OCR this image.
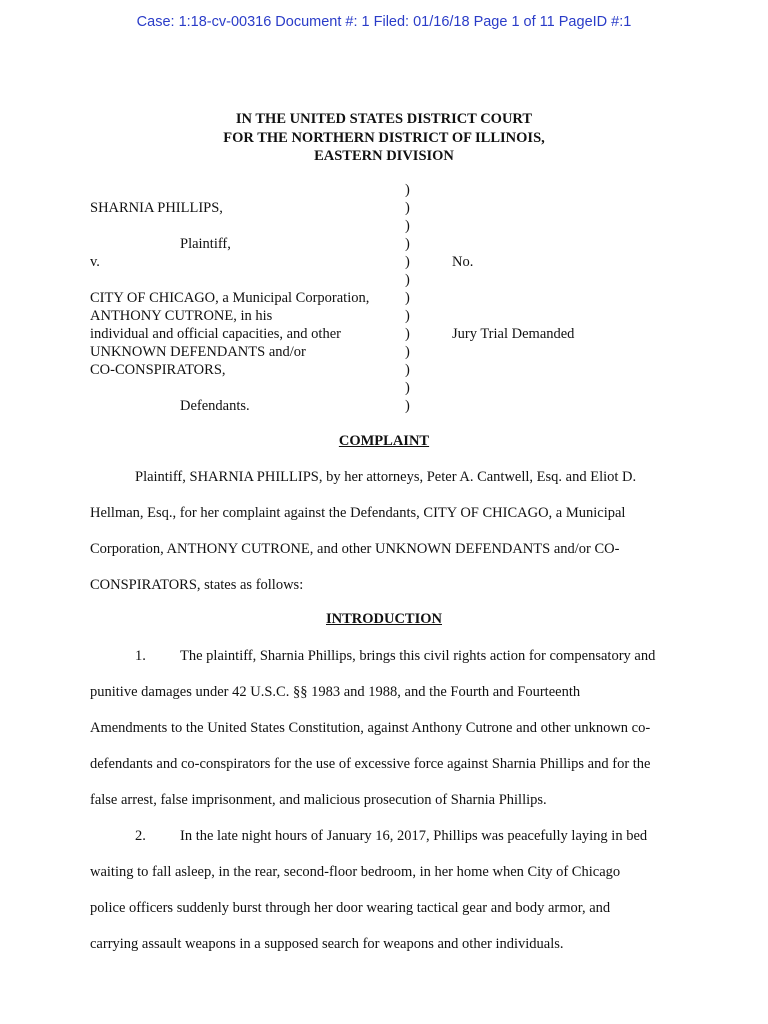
Case: 1:18-cv-00316 Document #: 1 Filed: 01/16/18 Page 1 of 11 PageID #:1
IN THE UNITED STATES DISTRICT COURT
FOR THE NORTHERN DISTRICT OF ILLINOIS,
EASTERN DIVISION
)
)
)
)
)
)
)
)
)
)
)
)
)
SHARNIA PHILLIPS,
Plaintiff,
v.	No.
CITY OF CHICAGO, a Municipal Corporation,
ANTHONY CUTRONE, in his
individual and official capacities, and other	Jury Trial Demanded
UNKNOWN DEFENDANTS and/or
CO-CONSPIRATORS,
Defendants.
COMPLAINT
Plaintiff, SHARNIA PHILLIPS, by her attorneys, Peter A. Cantwell, Esq. and Eliot D.
Hellman, Esq., for her complaint against the Defendants, CITY OF CHICAGO, a Municipal
Corporation, ANTHONY CUTRONE, and other UNKNOWN DEFENDANTS and/or CO-
CONSPIRATORS, states as follows:
INTRODUCTION
1. The plaintiff, Sharnia Phillips, brings this civil rights action for compensatory and
punitive damages under 42 U.S.C. §§ 1983 and 1988, and the Fourth and Fourteenth
Amendments to the United States Constitution, against Anthony Cutrone and other unknown co-
defendants and co-conspirators for the use of excessive force against Sharnia Phillips and for the
false arrest, false imprisonment, and malicious prosecution of Sharnia Phillips.
2. In the late night hours of January 16, 2017, Phillips was peacefully laying in bed
waiting to fall asleep, in the rear, second-floor bedroom, in her home when City of Chicago
police officers suddenly burst through her door wearing tactical gear and body armor, and
carrying assault weapons in a supposed search for weapons and other individuals.
